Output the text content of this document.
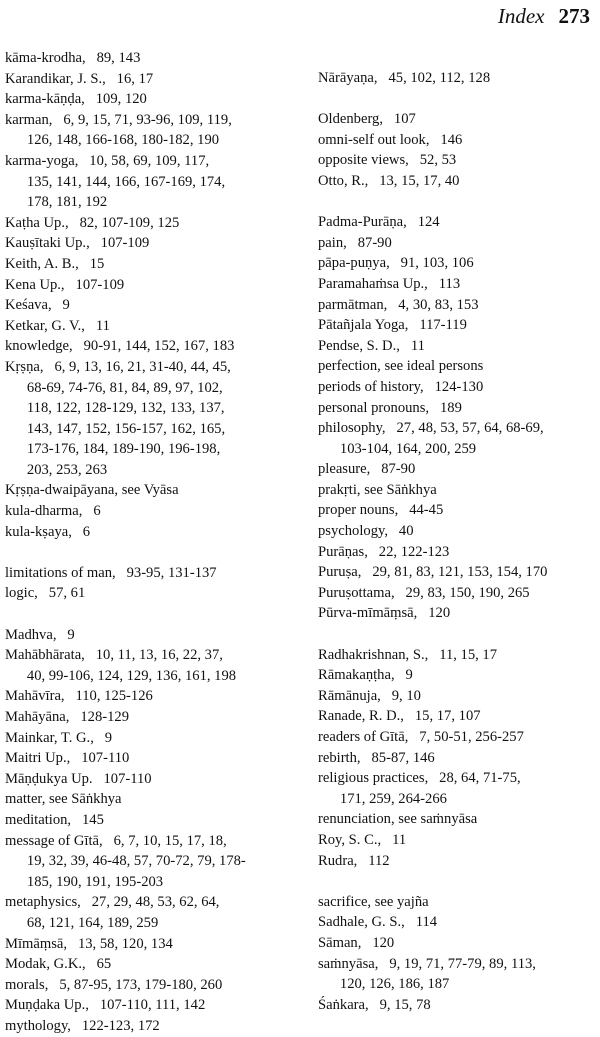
Index 273
kāma-krodha,   89, 143
Karandikar, J. S.,   16, 17
karma-kāṇḍa,   109, 120
karman,   6, 9, 15, 71, 93-96, 109, 119,
126, 148, 166-168, 180-182, 190
karma-yoga,   10, 58, 69, 109, 117,
135, 141, 144, 166, 167-169, 174,
178, 181, 192
Kaṭha Up.,   82, 107-109, 125
Kauṣītaki Up.,   107-109
Keith, A. B.,   15
Kena Up.,   107-109
Keśava,   9
Ketkar, G. V.,   11
knowledge,   90-91, 144, 152, 167, 183
Kṛṣṇa,   6, 9, 13, 16, 21, 31-40, 44, 45,
68-69, 74-76, 81, 84, 89, 97, 102,
118, 122, 128-129, 132, 133, 137,
143, 147, 152, 156-157, 162, 165,
173-176, 184, 189-190, 196-198,
203, 253, 263
Kṛṣṇa-dwaipāyana, see Vyāsa
kula-dharma,   6
kula-kṣaya,   6
limitations of man,   93-95, 131-137
logic,   57, 61
Madhva,   9
Mahābhārata,   10, 11, 13, 16, 22, 37,
40, 99-106, 124, 129, 136, 161, 198
Mahāvīra,   110, 125-126
Mahāyāna,   128-129
Mainkar, T. G.,   9
Maitri Up.,   107-110
Māṇḍukya Up.   107-110
matter, see Sāṅkhya
meditation,   145
message of Gītā,   6, 7, 10, 15, 17, 18,
19, 32, 39, 46-48, 57, 70-72, 79, 178-
185, 190, 191, 195-203
metaphysics,   27, 29, 48, 53, 62, 64,
68, 121, 164, 189, 259
Mīmāṃsā,   13, 58, 120, 134
Modak, G.K.,   65
morals,   5, 87-95, 173, 179-180, 260
Muṇḍaka Up.,   107-110, 111, 142
mythology,   122-123, 172
Nārāyaṇa,   45, 102, 112, 128
Oldenberg,   107
omni-self out look,   146
opposite views,   52, 53
Otto, R.,   13, 15, 17, 40
Padma-Purāṇa,   124
pain,   87-90
pāpa-puṇya,   91, 103, 106
Paramahaṁsa Up.,   113
parmātman,   4, 30, 83, 153
Pātañjala Yoga,   117-119
Pendse, S. D.,   11
perfection, see ideal persons
periods of history,   124-130
personal pronouns,   189
philosophy,   27, 48, 53, 57, 64, 68-69,
103-104, 164, 200, 259
pleasure,   87-90
prakṛti, see Sāṅkhya
proper nouns,   44-45
psychology,   40
Purāṇas,   22, 122-123
Puruṣa,   29, 81, 83, 121, 153, 154, 170
Puruṣottama,   29, 83, 150, 190, 265
Pūrva-mīmāṃsā,   120
Radhakrishnan, S.,   11, 15, 17
Rāmakaṇṭha,   9
Rāmānuja,   9, 10
Ranade, R. D.,   15, 17, 107
readers of Gītā,   7, 50-51, 256-257
rebirth,   85-87, 146
religious practices,   28, 64, 71-75,
171, 259, 264-266
renunciation, see saṁnyāsa
Roy, S. C.,   11
Rudra,   112
sacrifice, see yajña
Sadhale, G. S.,   114
Sāman,   120
saṁnyāsa,   9, 19, 71, 77-79, 89, 113,
120, 126, 186, 187
Śaṅkara,   9, 15, 78
